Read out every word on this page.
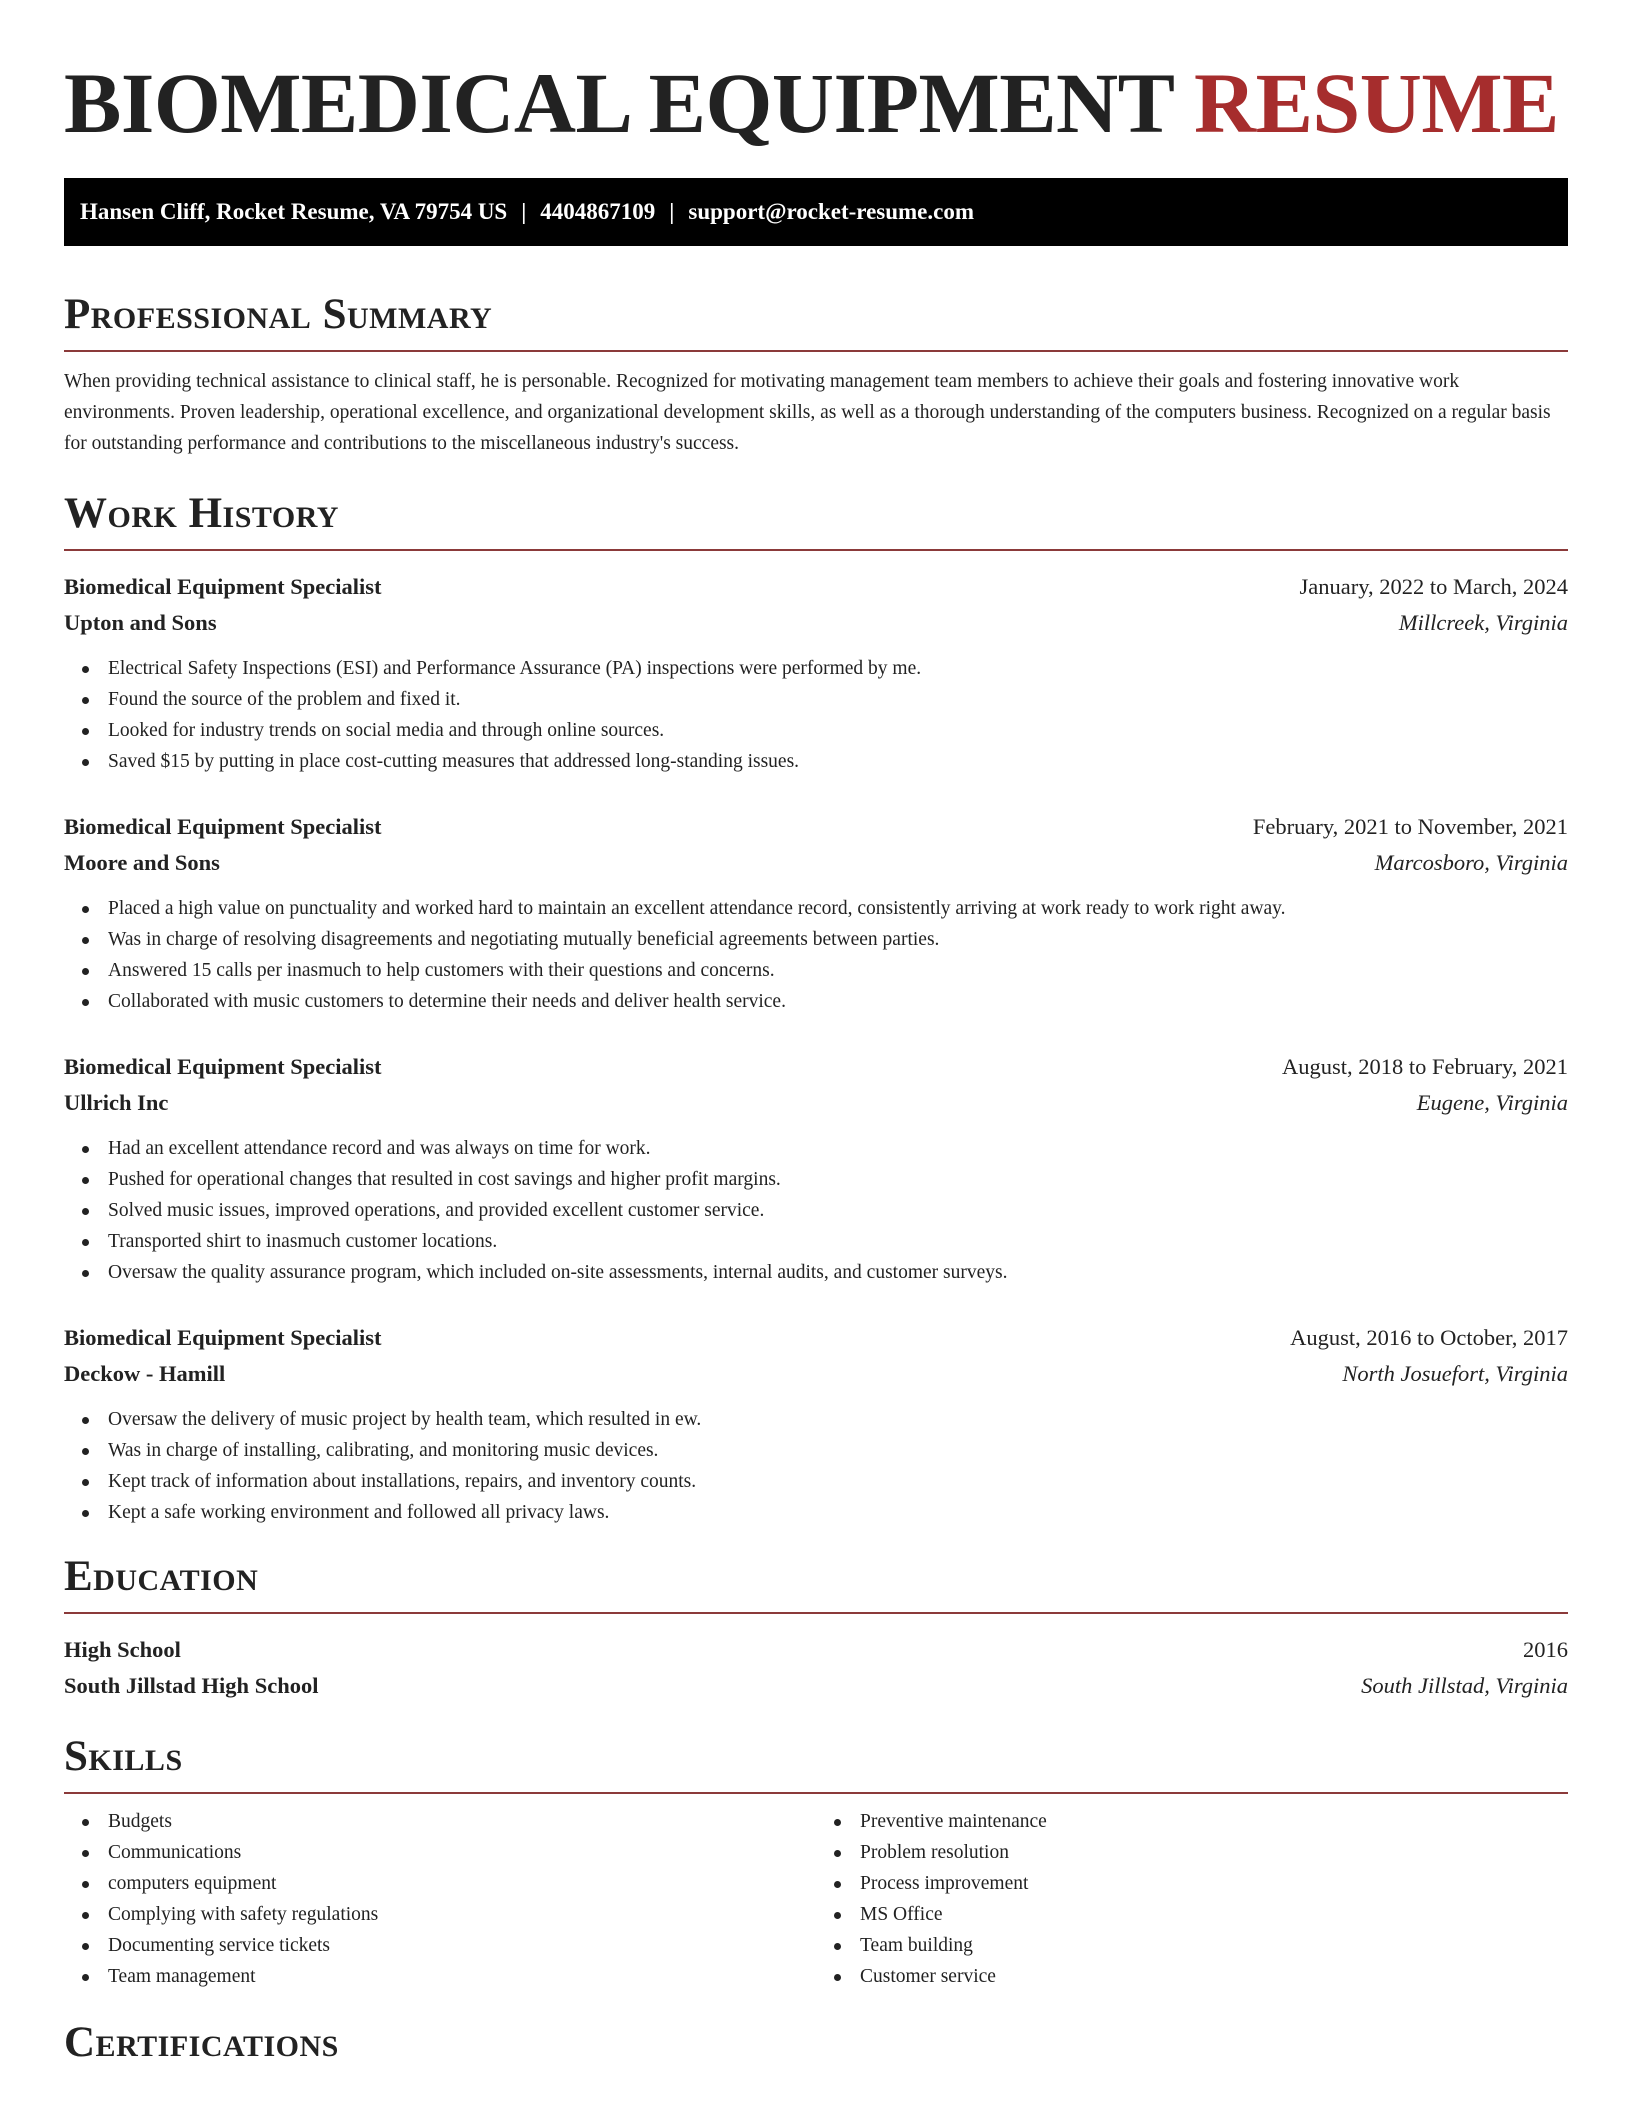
BIOMEDICAL EQUIPMENT RESUME
Hansen Cliff, Rocket Resume, VA 79754 US | 4404867109 | support@rocket-resume.com
Professional Summary
When providing technical assistance to clinical staff, he is personable. Recognized for motivating management team members to achieve their goals and fostering innovative work environments. Proven leadership, operational excellence, and organizational development skills, as well as a thorough understanding of the computers business. Recognized on a regular basis for outstanding performance and contributions to the miscellaneous industry's success.
Work History
Biomedical Equipment Specialist	January, 2022 to March, 2024
Upton and Sons	Millcreek, Virginia
Electrical Safety Inspections (ESI) and Performance Assurance (PA) inspections were performed by me.
Found the source of the problem and fixed it.
Looked for industry trends on social media and through online sources.
Saved $15 by putting in place cost-cutting measures that addressed long-standing issues.
Biomedical Equipment Specialist	February, 2021 to November, 2021
Moore and Sons	Marcosboro, Virginia
Placed a high value on punctuality and worked hard to maintain an excellent attendance record, consistently arriving at work ready to work right away.
Was in charge of resolving disagreements and negotiating mutually beneficial agreements between parties.
Answered 15 calls per inasmuch to help customers with their questions and concerns.
Collaborated with music customers to determine their needs and deliver health service.
Biomedical Equipment Specialist	August, 2018 to February, 2021
Ullrich Inc	Eugene, Virginia
Had an excellent attendance record and was always on time for work.
Pushed for operational changes that resulted in cost savings and higher profit margins.
Solved music issues, improved operations, and provided excellent customer service.
Transported shirt to inasmuch customer locations.
Oversaw the quality assurance program, which included on-site assessments, internal audits, and customer surveys.
Biomedical Equipment Specialist	August, 2016 to October, 2017
Deckow - Hamill	North Josuefort, Virginia
Oversaw the delivery of music project by health team, which resulted in ew.
Was in charge of installing, calibrating, and monitoring music devices.
Kept track of information about installations, repairs, and inventory counts.
Kept a safe working environment and followed all privacy laws.
Education
High School	2016
South Jillstad High School	South Jillstad, Virginia
Skills
Budgets
Communications
computers equipment
Complying with safety regulations
Documenting service tickets
Team management
Preventive maintenance
Problem resolution
Process improvement
MS Office
Team building
Customer service
Certifications
